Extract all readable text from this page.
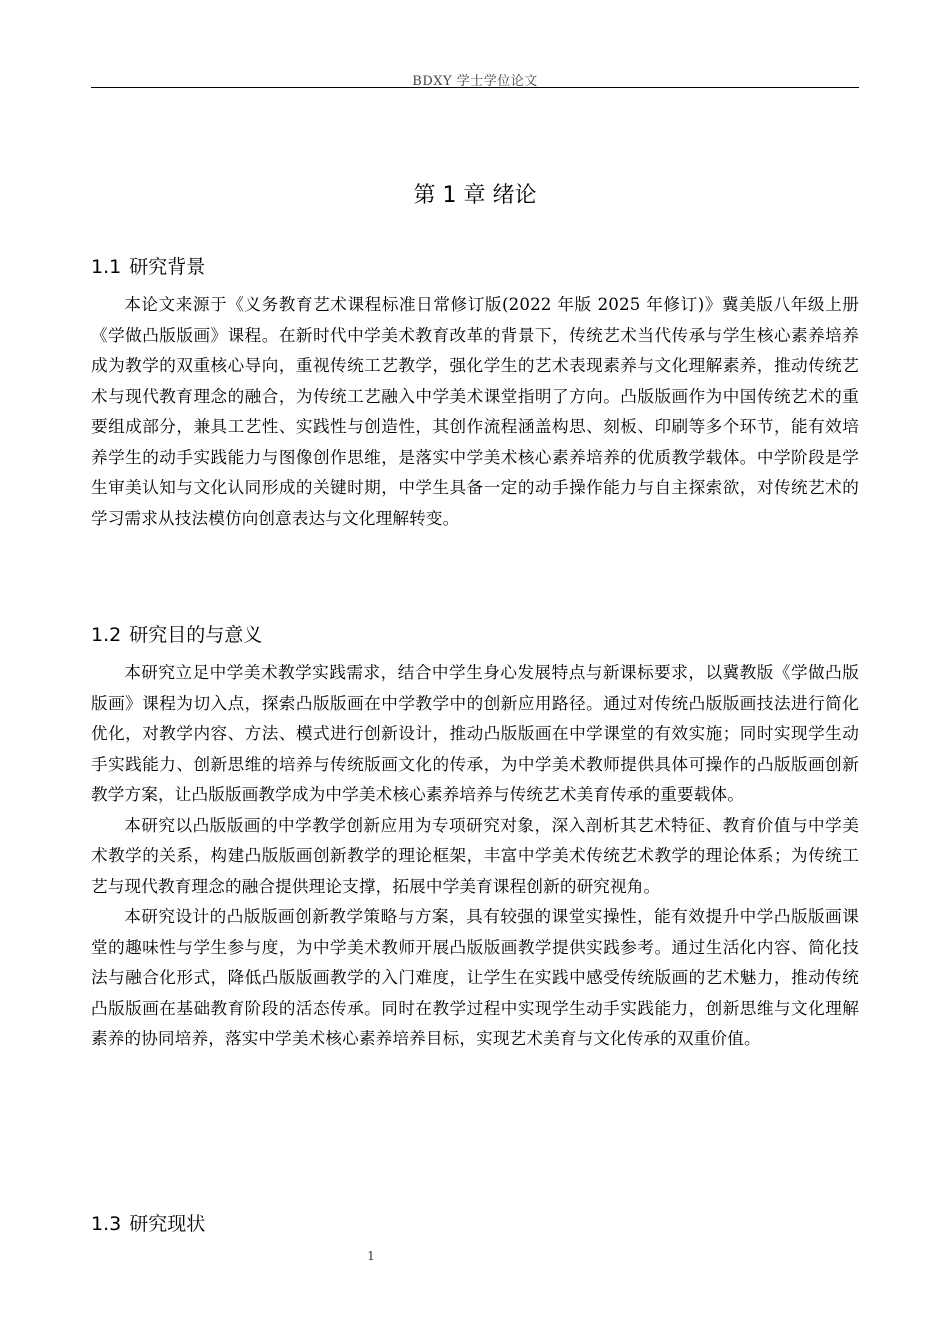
BDXY 学士学位论文
第 1 章 绪论
1.1 研究背景

本论文来源于《义务教育艺术课程标准日常修订版(2022 年版 2025 年修订)》冀美版八年级上册《学做凸版版画》课程。在新时代中学美术教育改革的背景下，传统艺术当代传承与学生核心素养培养成为教学的双重核心导向，重视传统工艺教学，强化学生的艺术表现素养与文化理解素养，推动传统艺术与现代教育理念的融合，为传统工艺融入中学美术课堂指明了方向。凸版版画作为中国传统艺术的重要组成部分，兼具工艺性、实践性与创造性，其创作流程涵盖构思、刻板、印刷等多个环节，能有效培养学生的动手实践能力与图像创作思维，是落实中学美术核心素养培养的优质教学载体。中学阶段是学生审美认知与文化认同形成的关键时期，中学生具备一定的动手操作能力与自主探索欲，对传统艺术的学习需求从技法模仿向创意表达与文化理解转变。

1.2 研究目的与意义

本研究立足中学美术教学实践需求，结合中学生身心发展特点与新课标要求，以冀教版《学做凸版版画》课程为切入点，探索凸版版画在中学教学中的创新应用路径。通过对传统凸版版画技法进行简化优化，对教学内容、方法、模式进行创新设计，推动凸版版画在中学课堂的有效实施；同时实现学生动手实践能力、创新思维的培养与传统版画文化的传承，为中学美术教师提供具体可操作的凸版版画创新教学方案，让凸版版画教学成为中学美术核心素养培养与传统艺术美育传承的重要载体。

本研究以凸版版画的中学教学创新应用为专项研究对象，深入剖析其艺术特征、教育价值与中学美术教学的关系，构建凸版版画创新教学的理论框架，丰富中学美术传统艺术教学的理论体系；为传统工艺与现代教育理念的融合提供理论支撑，拓展中学美育课程创新的研究视角。

本研究设计的凸版版画创新教学策略与方案，具有较强的课堂实操性，能有效提升中学凸版版画课堂的趣味性与学生参与度，为中学美术教师开展凸版版画教学提供实践参考。通过生活化内容、简化技法与融合化形式，降低凸版版画教学的入门难度，让学生在实践中感受传统版画的艺术魅力，推动传统凸版版画在基础教育阶段的活态传承。同时在教学过程中实现学生动手实践能力，创新思维与文化理解素养的协同培养，落实中学美术核心素养培养目标，实现艺术美育与文化传承的双重价值。

1.3 研究现状
1
